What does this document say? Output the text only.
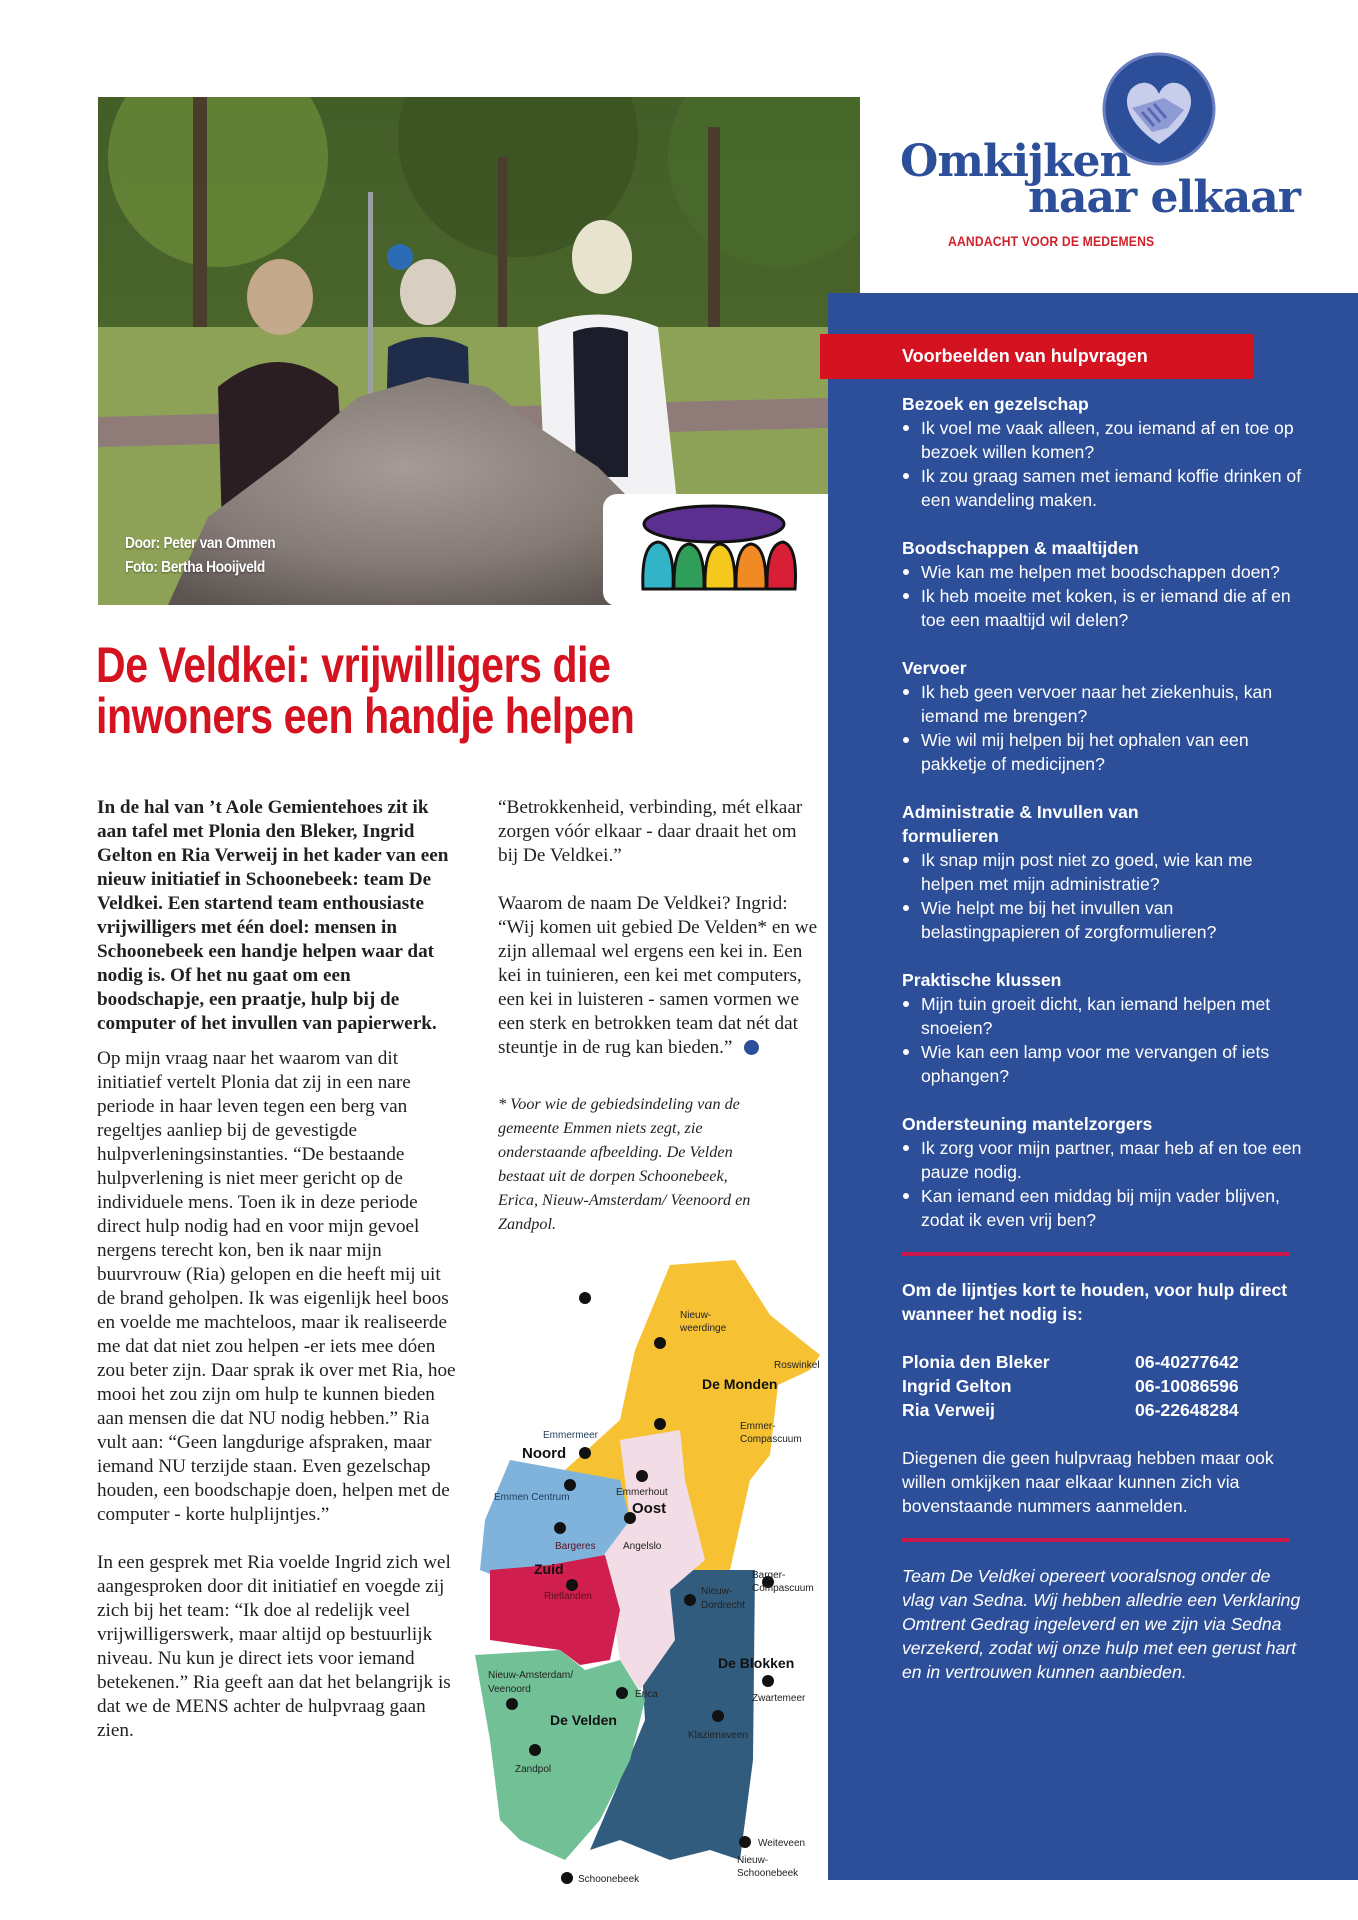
Door: Peter van Ommen
Foto: Bertha Hooijveld
Omkijken
naar elkaar
AANDACHT VOOR DE MEDEMENS
Voorbeelden van hulpvragen
Bezoek en gezelschap
Ik voel me vaak alleen, zou iemand af en toe op bezoek willen komen?
Ik zou graag samen met iemand koffie drinken of een wandeling maken.
Boodschappen & maaltijden
Wie kan me helpen met boodschappen doen?
Ik heb moeite met koken, is er iemand die af en toe een maaltijd wil delen?
Vervoer
Ik heb geen vervoer naar het ziekenhuis, kan iemand me brengen?
Wie wil mij helpen bij het ophalen van een pakketje of medicijnen?
Administratie & Invullen van formulieren
Ik snap mijn post niet zo goed, wie kan me helpen met mijn administratie?
Wie helpt me bij het invullen van belastingpapieren of zorgformulieren?
Praktische klussen
Mijn tuin groeit dicht, kan iemand helpen met snoeien?
Wie kan een lamp voor me vervangen of iets ophangen?
Ondersteuning mantelzorgers
Ik zorg voor mijn partner, maar heb af en toe een pauze nodig.
Kan iemand een middag bij mijn vader blijven, zodat ik even vrij ben?
Om de lijntjes kort te houden, voor hulp direct wanneer het nodig is:
Plonia den Bleker	06-40277642
Ingrid Gelton	06-10086596
Ria Verweij	06-22648284
Diegenen die geen hulpvraag hebben maar ook willen omkijken naar elkaar kunnen zich via bovenstaande nummers aanmelden.
Team De Veldkei opereert vooralsnog onder de vlag van Sedna. Wij hebben alledrie een Verklaring Omtrent Gedrag ingeleverd en we zijn via Sedna verzekerd, zodat wij onze hulp met een gerust hart en in vertrouwen kunnen aanbieden.
De Veldkei: vrijwilligers die
inwoners een handje helpen
In de hal van ’t Aole Gemientehoes zit ik aan tafel met Plonia den Bleker, Ingrid Gelton en Ria Verweij in het kader van een nieuw initiatief in Schoonebeek: team De Veldkei. Een startend team enthousiaste vrijwilligers met één doel: mensen in Schoonebeek een handje helpen waar dat nodig is. Of het nu gaat om een boodschapje, een praatje, hulp bij de computer of het invullen van papierwerk.
Op mijn vraag naar het waarom van dit initiatief vertelt Plonia dat zij in een nare periode in haar leven tegen een berg van regeltjes aanliep bij de gevestigde hulpverleningsinstanties. “De bestaande hulpverlening is niet meer gericht op de individuele mens. Toen ik in deze periode direct hulp nodig had en voor mijn gevoel nergens terecht kon, ben ik naar mijn buurvrouw (Ria) gelopen en die heeft mij uit de brand geholpen. Ik was eigenlijk heel boos en voelde me machteloos, maar ik realiseerde me dat dat niet zou helpen -er iets mee dóen zou beter zijn. Daar sprak ik over met Ria, hoe mooi het zou zijn om hulp te kunnen bieden aan mensen die dat NU nodig hebben.” Ria vult aan: “Geen langdurige afspraken, maar iemand NU terzijde staan. Even gezelschap houden, een boodschapje doen, helpen met de computer - korte hulplijntjes.”
In een gesprek met Ria voelde Ingrid zich wel aangesproken door dit initiatief en voegde zij zich bij het team: “Ik doe al redelijk veel vrijwilligerswerk, maar altijd op bestuurlijk niveau. Nu kun je direct iets voor iemand betekenen.” Ria geeft aan dat het belangrijk is dat we de MENS achter de hulpvraag gaan zien.
“Betrokkenheid, verbinding, mét elkaar zorgen vóór elkaar - daar draait het om bij De Veldkei.”
Waarom de naam De Veldkei? Ingrid: “Wij komen uit gebied De Velden* en we zijn allemaal wel ergens een kei in. Een kei in tuinieren, een kei met computers, een kei in luisteren - samen vormen we een sterk en betrokken team dat nét dat steuntje in de rug kan bieden.”
* Voor wie de gebiedsindeling van de gemeente Emmen niets zegt, zie onderstaande afbeelding. De Velden bestaat uit de dorpen Schoonebeek, Erica, Nieuw-Amsterdam/ Veenoord en Zandpol.
De Monden
Noord
Oost
Zuid
De Velden
De Blokken
Nieuw-
weerdinge
Roswinkel
Emmer-
Compascuum
Emmermeer
Emmen Centrum	Emmerhout
Angelslo
Bargeres
Rietlanden
Barger-
Compascuum
Nieuw-
Dordrecht
Nieuw-Amsterdam/
Veenoord	Erica	Zwartemeer
Klazienaveen
Zandpol
Weiteveen
Schoonebeek
Nieuw-
Schoonebeek
